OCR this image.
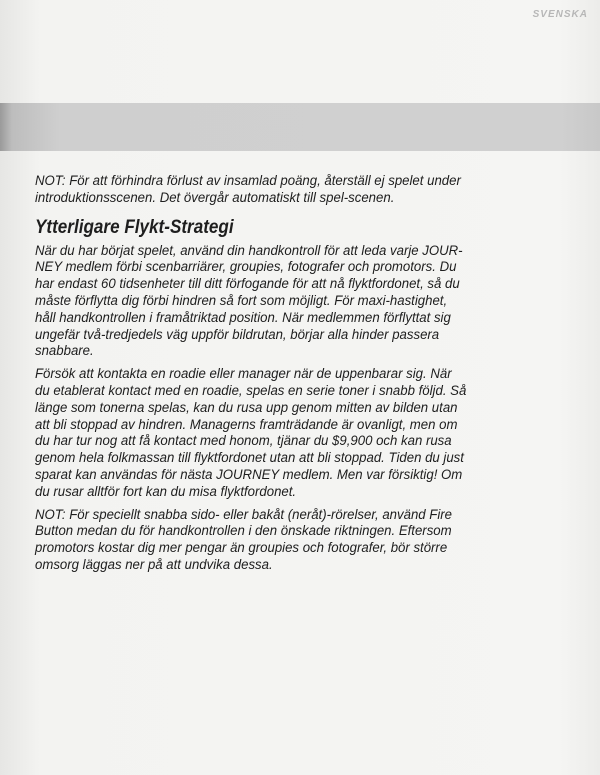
SVENSKA
NOT: För att förhindra förlust av insamlad poäng, återställ ej spelet under
introduktionsscenen. Det övergår automatiskt till spel-scenen.
Ytterligare Flykt-Strategi
När du har börjat spelet, använd din handkontroll för att leda varje JOUR-
NEY medlem förbi scenbarriärer, groupies, fotografer och promotors. Du
har endast 60 tidsenheter till ditt förfogande för att nå flyktfordonet, så du
måste förflytta dig förbi hindren så fort som möjligt. För maxi-hastighet,
håll handkontrollen i framåtriktad position. När medlemmen förflyttat sig
ungefär två-tredjedels väg uppför bildrutan, börjar alla hinder passera
snabbare.
Försök att kontakta en roadie eller manager när de uppenbarar sig. När
du etablerat kontact med en roadie, spelas en serie toner i snabb följd. Så
länge som tonerna spelas, kan du rusa upp genom mitten av bilden utan
att bli stoppad av hindren. Managerns framträdande är ovanligt, men om
du har tur nog att få kontact med honom, tjänar du $9,900 och kan rusa
genom hela folkmassan till flyktfordonet utan att bli stoppad. Tiden du just
sparat kan användas för nästa JOURNEY medlem. Men var försiktig! Om
du rusar alltför fort kan du misa flyktfordonet.
NOT: För speciellt snabba sido- eller bakåt (neråt)-rörelser, använd Fire
Button medan du för handkontrollen i den önskade riktningen. Eftersom
promotors kostar dig mer pengar än groupies och fotografer, bör större
omsorg läggas ner på att undvika dessa.
